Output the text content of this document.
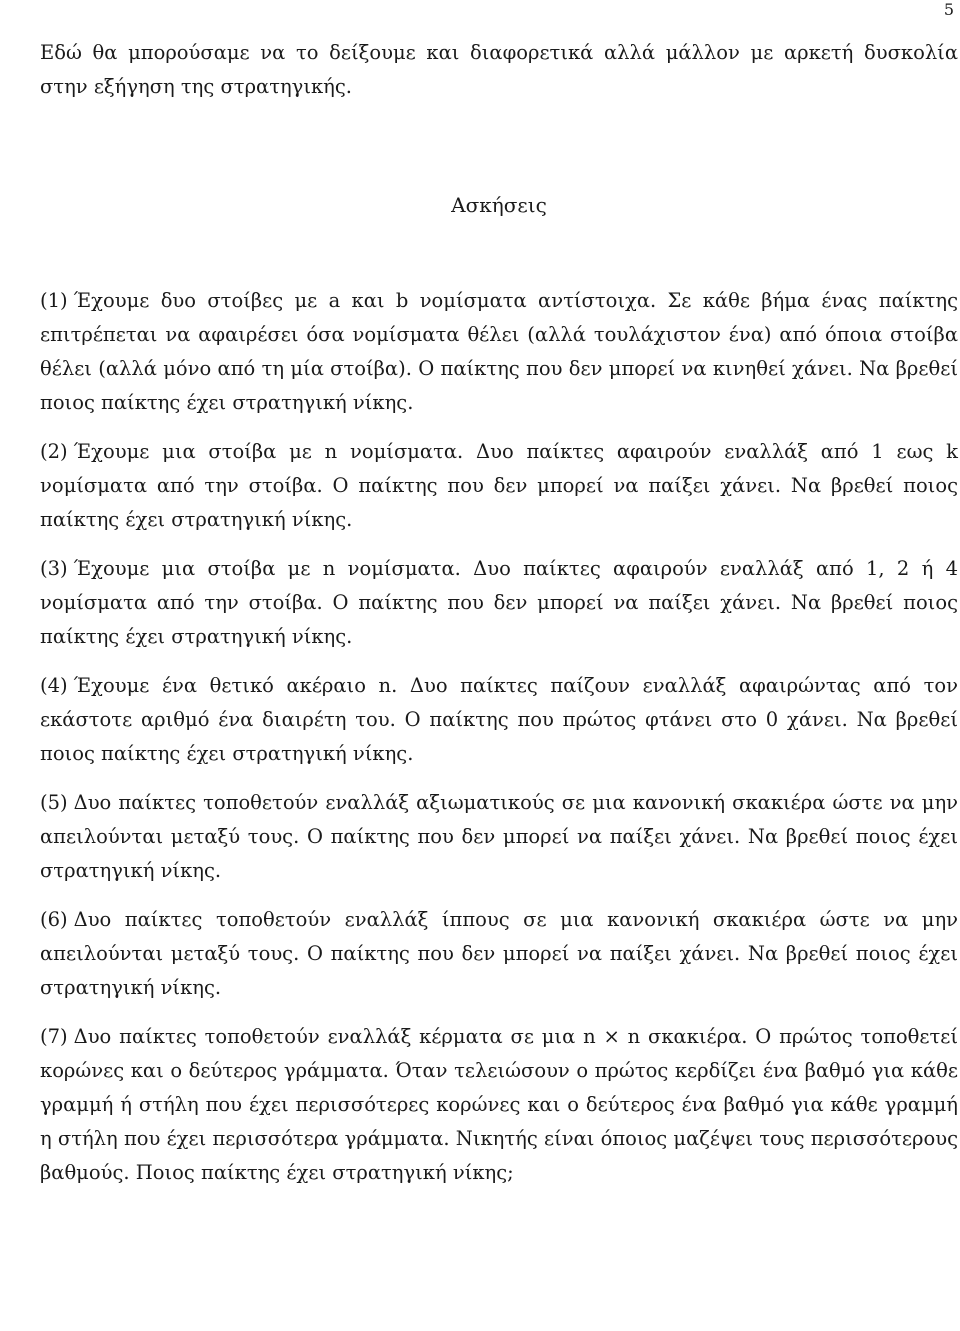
5

Εδώ θα μπορούσαμε να το δείξουμε και διαφορετικά αλλά μάλλον με αρκετή δυσκολία στην εξήγηση της στρατηγικής.

Ασκήσεις

(1) Έχουμε δυο στοίβες με a και b νομίσματα αντίστοιχα. Σε κάθε βήμα ένας παίκτης επιτρέπεται να αφαιρέσει όσα νομίσματα θέλει (αλλά τουλάχιστον ένα) από όποια στοίβα θέλει (αλλά μόνο από τη μία στοίβα). Ο παίκτης που δεν μπορεί να κινηθεί χάνει. Να βρεθεί ποιος παίκτης έχει στρατηγική νίκης.

(2) Έχουμε μια στοίβα με n νομίσματα. Δυο παίκτες αφαιρούν εναλλάξ από 1 εως k νομίσματα από την στοίβα. Ο παίκτης που δεν μπορεί να παίξει χάνει. Να βρεθεί ποιος παίκτης έχει στρατηγική νίκης.

(3) Έχουμε μια στοίβα με n νομίσματα. Δυο παίκτες αφαιρούν εναλλάξ από 1, 2 ή 4 νομίσματα από την στοίβα. Ο παίκτης που δεν μπορεί να παίξει χάνει. Να βρεθεί ποιος παίκτης έχει στρατηγική νίκης.

(4) Έχουμε ένα θετικό ακέραιο n. Δυο παίκτες παίζουν εναλλάξ αφαιρώντας από τον εκάστοτε αριθμό ένα διαιρέτη του. Ο παίκτης που πρώτος φτάνει στο 0 χάνει. Να βρεθεί ποιος παίκτης έχει στρατηγική νίκης.

(5) Δυο παίκτες τοποθετούν εναλλάξ αξιωματικούς σε μια κανονική σκακιέρα ώστε να μην απειλούνται μεταξύ τους. Ο παίκτης που δεν μπορεί να παίξει χάνει. Να βρεθεί ποιος έχει στρατηγική νίκης.

(6) Δυο παίκτες τοποθετούν εναλλάξ ίππους σε μια κανονική σκακιέρα ώστε να μην απειλούνται μεταξύ τους. Ο παίκτης που δεν μπορεί να παίξει χάνει. Να βρεθεί ποιος έχει στρατηγική νίκης.

(7) Δυο παίκτες τοποθετούν εναλλάξ κέρματα σε μια n × n σκακιέρα. Ο πρώτος τοποθετεί κορώνες και ο δεύτερος γράμματα. Όταν τελειώσουν ο πρώτος κερδίζει ένα βαθμό για κάθε γραμμή ή στήλη που έχει περισσότερες κορώνες και ο δεύτερος ένα βαθμό για κάθε γραμμή η στήλη που έχει περισσότερα γράμματα. Νικητής είναι όποιος μαζέψει τους περισσότερους βαθμούς. Ποιος παίκτης έχει στρατηγική νίκης;
